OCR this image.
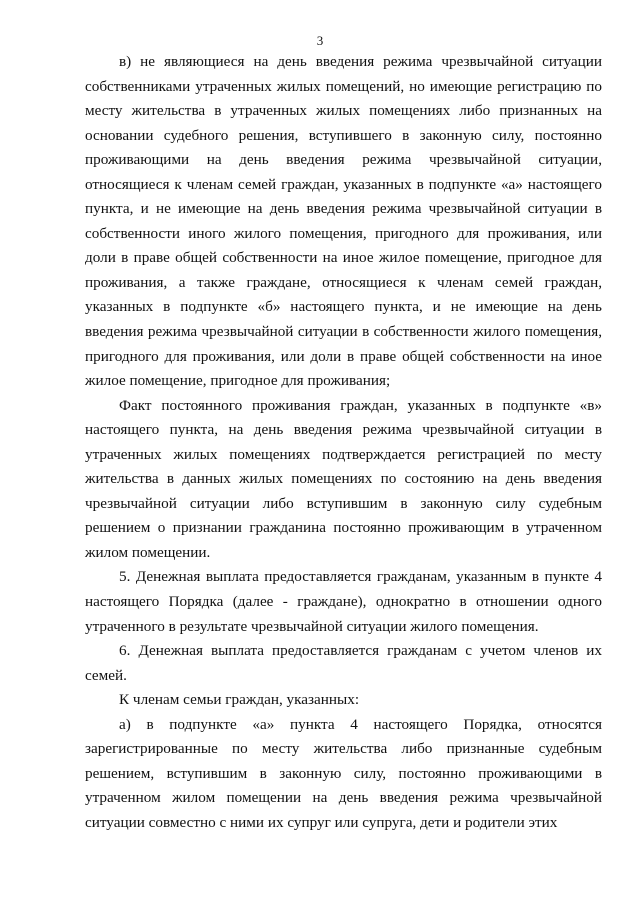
3

в) не являющиеся на день введения режима чрезвычайной ситуации собственниками утраченных жилых помещений, но имеющие регистрацию по месту жительства в утраченных жилых помещениях либо признанных на основании судебного решения, вступившего в законную силу, постоянно проживающими на день введения режима чрезвычайной ситуации, относящиеся к членам семей граждан, указанных в подпункте «а» настоящего пункта, и не имеющие на день введения режима чрезвычайной ситуации в собственности иного жилого помещения, пригодного для проживания, или доли в праве общей собственности на иное жилое помещение, пригодное для проживания, а также граждане, относящиеся к членам семей граждан, указанных в подпункте «б» настоящего пункта, и не имеющие на день введения режима чрезвычайной ситуации в собственности жилого помещения, пригодного для проживания, или доли в праве общей собственности на иное жилое помещение, пригодное для проживания;

Факт постоянного проживания граждан, указанных в подпункте «в» настоящего пункта, на день введения режима чрезвычайной ситуации в утраченных жилых помещениях подтверждается регистрацией по месту жительства в данных жилых помещениях по состоянию на день введения чрезвычайной ситуации либо вступившим в законную силу судебным решением о признании гражданина постоянно проживающим в утраченном жилом помещении.

5. Денежная выплата предоставляется гражданам, указанным в пункте 4 настоящего Порядка (далее - граждане), однократно в отношении одного утраченного в результате чрезвычайной ситуации жилого помещения.

6. Денежная выплата предоставляется гражданам с учетом членов их семей.

К членам семьи граждан, указанных:

а) в подпункте «а» пункта 4 настоящего Порядка, относятся зарегистрированные по месту жительства либо признанные судебным решением, вступившим в законную силу, постоянно проживающими в утраченном жилом помещении на день введения режима чрезвычайной ситуации совместно с ними их супруг или супруга, дети и родители этих
